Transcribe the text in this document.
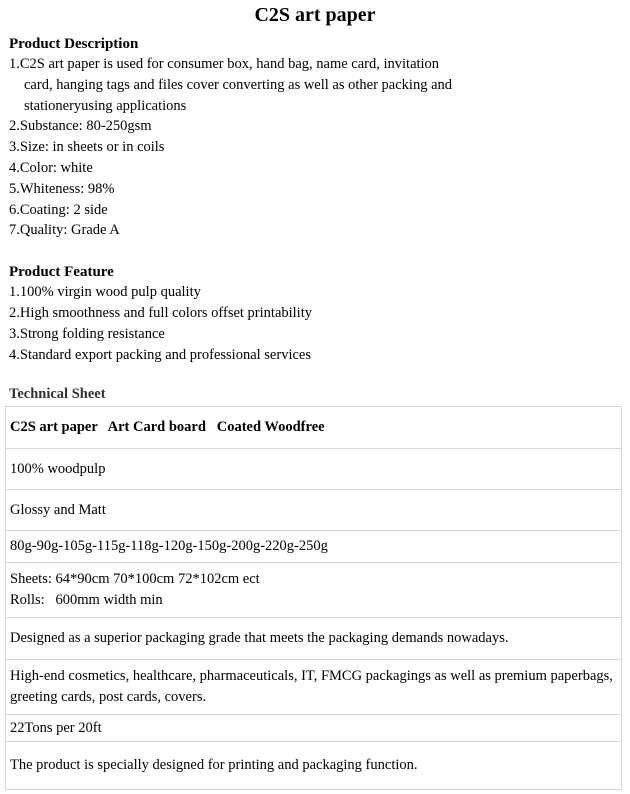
C2S art paper

Product Description

1.C2S art paper is used for consumer box, hand bag, name card, invitation

card, hanging tags and files cover converting as well as other packing and

stationeryusing applications

2.Substance: 80-250gsm

3.Size: in sheets or in coils

4.Color: white

5.Whiteness: 98%

6.Coating: 2 side

7.Quality: Grade A

Product Feature

1.100% virgin wood pulp quality

2.High smoothness and full colors offset printability

3.Strong folding resistance

4.Standard export packing and professional services

Technical Sheet

C2S art paper   Art Card board   Coated Woodfree
100% woodpulp
Glossy and Matt
80g-90g-105g-115g-118g-120g-150g-200g-220g-250g

Sheets: 64*90cm 70*100cm 72*102cm ect
Rolls:   600mm width min

Designed as a superior packaging grade that meets the packaging demands nowadays.
High-end cosmetics, healthcare, pharmaceuticals, IT, FMCG packagings as well as premium paperbags, greeting cards, post cards, covers.
22Tons per 20ft
The product is specially designed for printing and packaging function.
